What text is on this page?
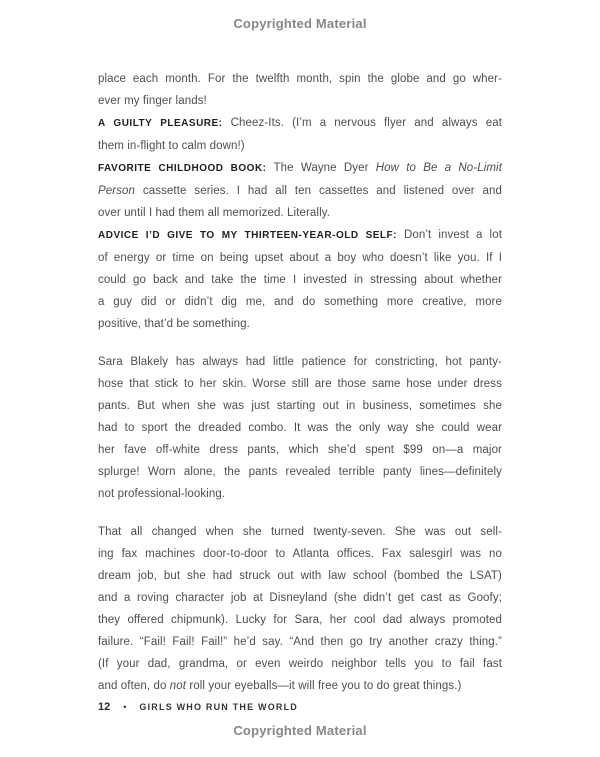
Copyrighted Material
place each month. For the twelfth month, spin the globe and go wher-
ever my finger lands!
A GUILTY PLEASURE: Cheez-Its. (I’m a nervous flyer and always eat
them in-flight to calm down!)
FAVORITE CHILDHOOD BOOK: The Wayne Dyer How to Be a No-Limit
Person cassette series. I had all ten cassettes and listened over and
over until I had them all memorized. Literally.
ADVICE I’D GIVE TO MY THIRTEEN-YEAR-OLD SELF: Don’t invest a lot
of energy or time on being upset about a boy who doesn’t like you. If I
could go back and take the time I invested in stressing about whether
a guy did or didn’t dig me, and do something more creative, more
positive, that’d be something.
Sara Blakely has always had little patience for constricting, hot panty-
hose that stick to her skin. Worse still are those same hose under dress
pants. But when she was just starting out in business, sometimes she
had to sport the dreaded combo. It was the only way she could wear
her fave off-white dress pants, which she’d spent $99 on—a major
splurge! Worn alone, the pants revealed terrible panty lines—definitely
not professional-looking.
That all changed when she turned twenty-seven. She was out sell-
ing fax machines door-to-door to Atlanta offices. Fax salesgirl was no
dream job, but she had struck out with law school (bombed the LSAT)
and a roving character job at Disneyland (she didn’t get cast as Goofy;
they offered chipmunk). Lucky for Sara, her cool dad always promoted
failure. “Fail! Fail! Fail!” he’d say. “And then go try another crazy thing.”
(If your dad, grandma, or even weirdo neighbor tells you to fail fast
and often, do not roll your eyeballs—it will free you to do great things.)
12 • GIRLS WHO RUN THE WORLD
Copyrighted Material
